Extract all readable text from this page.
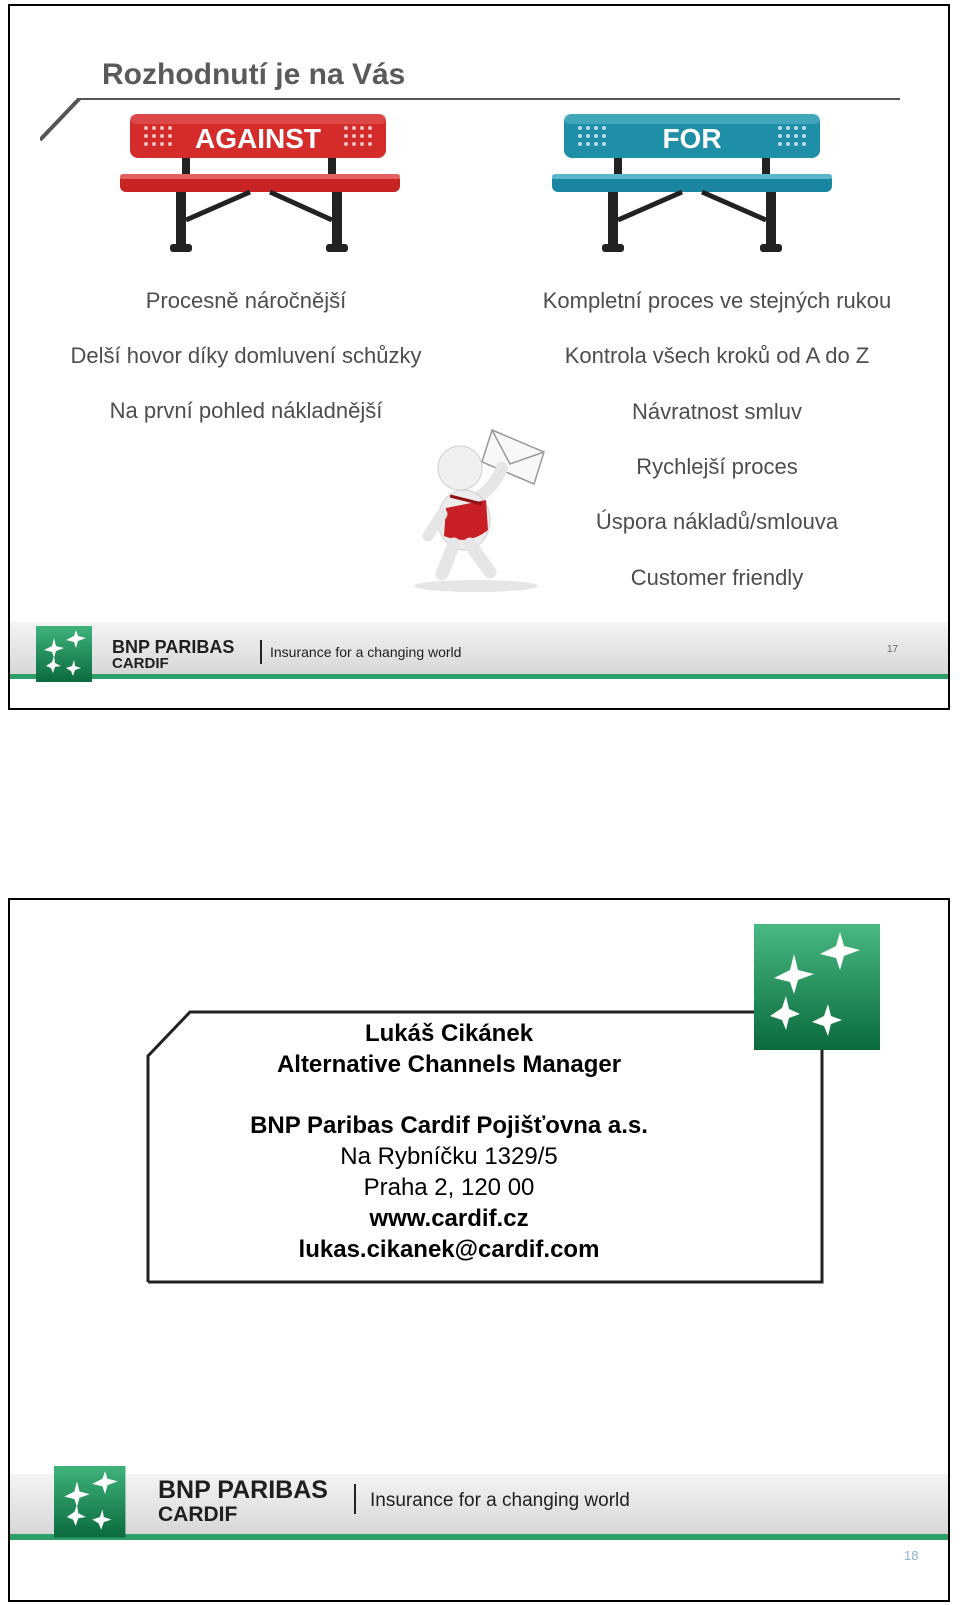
Rozhodnutí je na Vás
AGAINST	FOR
Procesně náročnější
Delší hovor díky domluvení schůzky
Na první pohled nákladnější
Kompletní proces ve stejných rukou
Kontrola všech kroků od A do Z
Návratnost smluv
Rychlejší proces
Úspora nákladů/smlouva
Customer friendly
BNP PARIBAS
CARDIF
Insurance for a changing world	17
Lukáš Cikánek
Alternative Channels Manager
BNP Paribas Cardif Pojišťovna a.s.
Na Rybníčku 1329/5
Praha 2, 120 00
www.cardif.cz
lukas.cikanek@cardif.com
BNP PARIBAS
CARDIF
Insurance for a changing world
18
